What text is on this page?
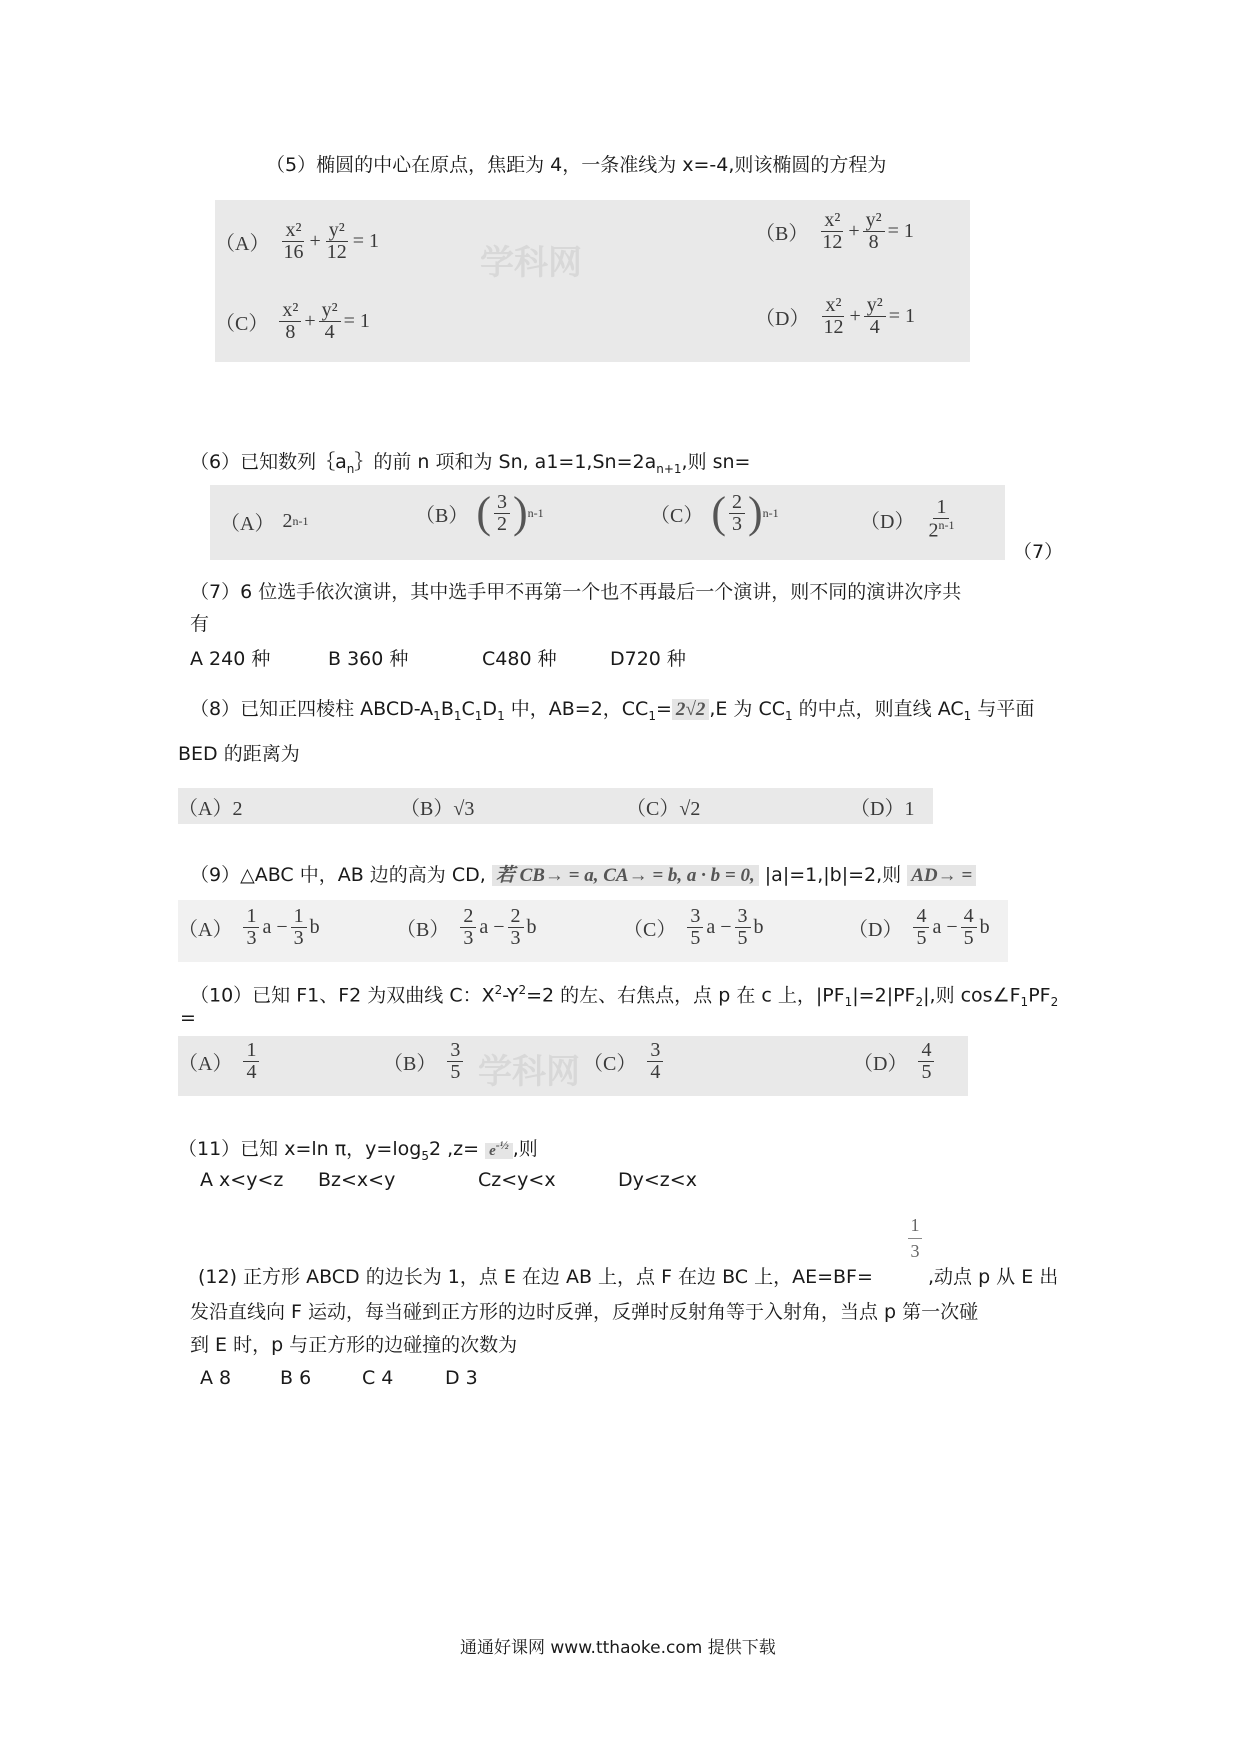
（5）椭圆的中心在原点，焦距为 4，一条准线为 x=-4,则该椭圆的方程为
学科网
$(A) \frac{\text{x²}}{16} + \frac{\text{y²}}{12} = 1$	$(B) \frac{\text{x²}}{12} + \frac{\text{y²}}{8} = 1$
$(C) \frac{\text{x²}}{8} + \frac{\text{y²}}{4} = 1$	$(D) \frac{\text{x²}}{12} + \frac{\text{y²}}{4} = 1$
（6）已知数列$\{a_n\}$的前 n 项和为 Sn, $a1=1,Sn=2a_{n+1}$,则 sn=
（A） 2 n-1	（B） ( $\frac{3}{2}$ ) n-1	（C） ( $\frac{2}{3}$ ) n-1	$(D) \frac{1}{2^{n-1}}$
（7）
（7）6 位选手依次演讲，其中选手甲不再第一个也不再最后一个演讲，则不同的演讲次序共
有
A 240 种	B 360 种	C480 种	D720 种
（8）已知正四棱柱 ABCD-$A_1B_1C_1D_1$ 中，AB=2，$CC_1= 2√2$ ,E 为 $CC_1$ 的中点，则直线 $AC_1$ 与平面
BED 的距离为
（A）2	（B）√3	（C）√2	（D）1
（9）△ABC 中，AB 边的高为 CD, 若 CB→ = a, CA→ = b, a · b = 0, |a|=1,|b|=2,则 AD→ =
$(A) \frac{1}{3}$ $a - \frac{1}{3}$ b	$(B) \frac{2}{3}$ $a - \frac{2}{3}$ b	$(C) \frac{3}{5}$ $a - \frac{3}{5}$ b	$(D) \frac{4}{5}$ $a - \frac{4}{5}$ b
（10）已知 F1、F2 为双曲线 C：$X^2-Y^2=2$ 的左、右焦点，点 p 在 c 上，$|PF_1|=2|PF_2|$,则 $\cos\angle F_1PF_2$
=
学科网
$(A) \frac{1}{4}$	$(B) \frac{3}{5}$	$(C) \frac{3}{4}$	$(D) \frac{4}{5}$
（11）已知 x=ln π，$y=\log_52$ $,z= e^{-\frac{1}{2}}$ ,则
A x<y<z Bz<x<y	Cz<y<x	Dy<z<x
1
3
(12) 正方形 ABCD 的边长为 1，点 E 在边 AB 上，点 F 在边 BC 上，AE=BF=	,动点 p 从 E 出
发沿直线向 F 运动，每当碰到正方形的边时反弹，反弹时反射角等于入射角，当点 p 第一次碰
到 E 时，p 与正方形的边碰撞的次数为
A 8	B 6	C 4	D 3
通通好课网 www.tthaoke.com 提供下载
